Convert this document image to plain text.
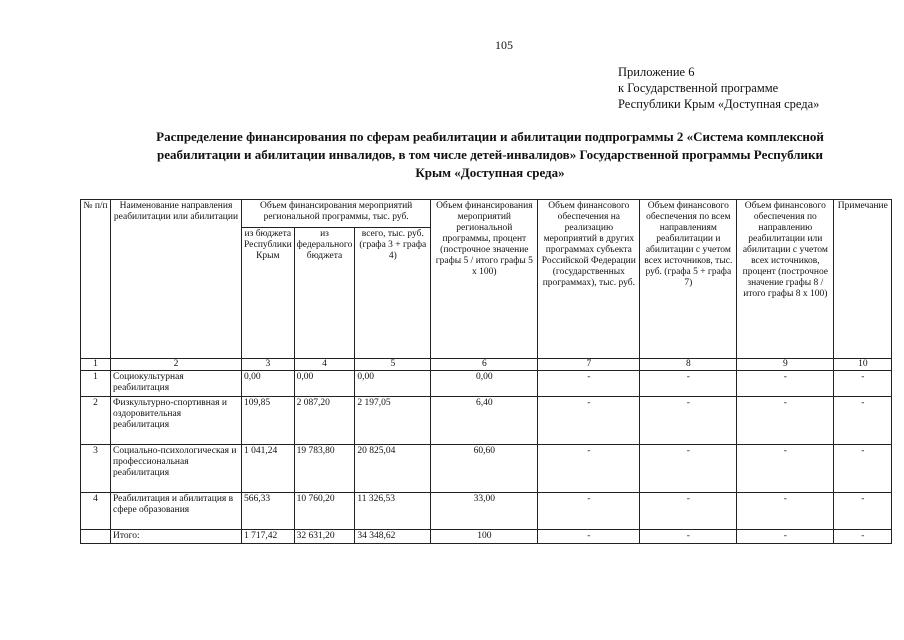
105
Приложение 6
к Государственной программе
Республики Крым «Доступная среда»
Распределение финансирования по сферам реабилитации и абилитации подпрограммы 2 «Система комплексной
реабилитации и абилитации инвалидов, в том числе детей-инвалидов» Государственной программы Республики
Крым «Доступная среда»
№ п/п	Наименование направления реабилитации или абилитации	Объем финансирования мероприятий региональной программы, тыс. руб.			Объем финансирования мероприятий региональной программы, процент (построчное значение графы 5 / итого графы 5 х 100)	Объем финансового обеспечения на реализацию мероприятий в других программах субъекта Российской Федерации (государственных программах), тыс. руб.	Объем финансового обеспечения по всем направлениям реабилитации и абилитации с учетом всех источников, тыс. руб. (графа 5 + графа 7)	Объем финансового обеспечения по направлению реабилитации или абилитации с учетом всех источников, процент (построчное значение графы 8 / итого графы 8 х 100)	Примечание
		из бюджета Республики Крым	из федерального бюджета	всего, тыс. руб. (графа 3 + графа 4)					
1	2	3	4	5	6	7	8	9	10
1	Социокультурная реабилитация	0,00	0,00	0,00	0,00	-	-	-	-
2	Физкультурно-спортивная и оздоровительная реабилитация	109,85	2 087,20	2 197,05	6,40	-	-	-	-
3	Социально-психологическая и профессиональная реабилитация	1 041,24	19 783,80	20 825,04	60,60	-	-	-	-
4	Реабилитация и абилитация в сфере образования	566,33	10 760,20	11 326,53	33,00	-	-	-	-
	Итого:	1 717,42	32 631,20	34 348,62	100	-	-	-	-
